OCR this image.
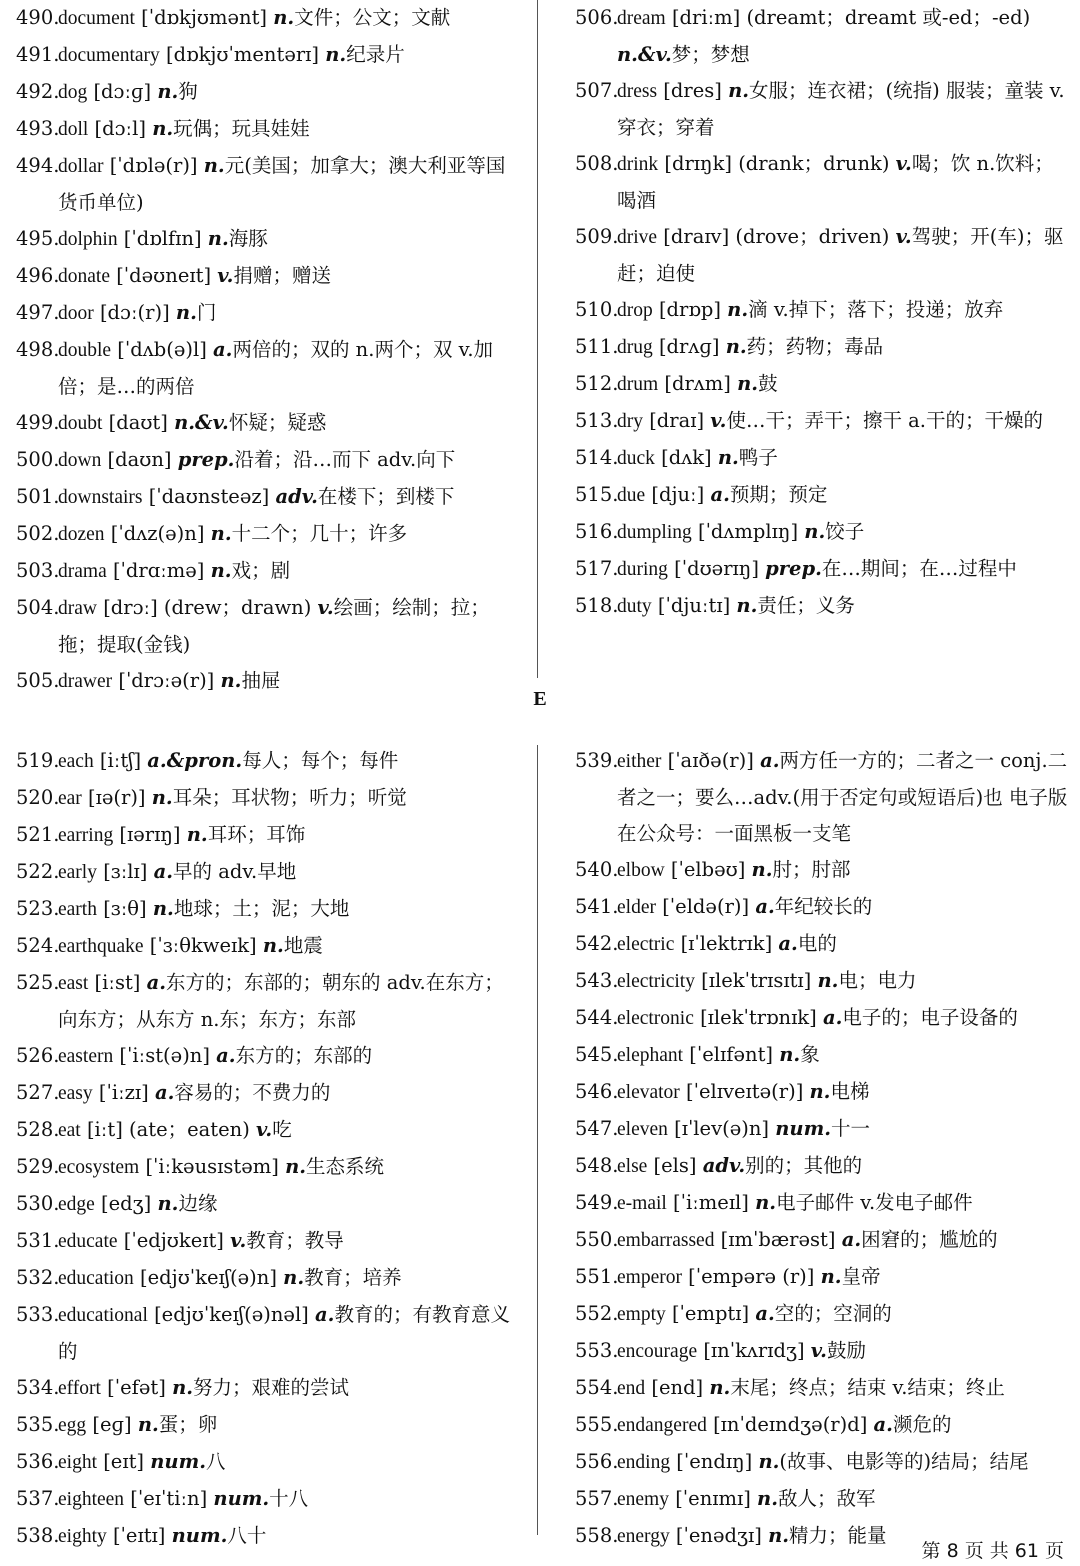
490.document [ˈdɒkjʊmənt] n.文件；公文；文献
491.documentary [dɒkjʊˈmentərɪ] n.纪录片
492.dog [dɔːɡ] n.狗
493.doll [dɔːl] n.玩偶；玩具娃娃
494.dollar [ˈdɒlə(r)] n.元(美国；加拿大；澳大利亚等国货币单位)
495.dolphin [ˈdɒlfɪn] n.海豚
496.donate [ˈdəʊneɪt] v.捐赠；赠送
497.door [dɔː(r)] n.门
498.double [ˈdʌb(ə)l] a.两倍的；双的 n.两个；双 v.加倍；是…的两倍
499.doubt [daʊt] n.&v.怀疑；疑惑
500.down [daʊn] prep.沿着；沿…而下 adv.向下
501.downstairs [ˈdaʊnsteəz] adv.在楼下；到楼下
502.dozen [ˈdʌz(ə)n] n.十二个；几十；许多
503.drama [ˈdrɑːmə] n.戏；剧
504.draw [drɔː] (drew；drawn) v.绘画；绘制；拉；拖；提取(金钱)
505.drawer [ˈdrɔːə(r)] n.抽屉
506.dream [driːm] (dreamt；dreamt 或-ed；-ed) n.&v.梦；梦想
507.dress [dres] n.女服；连衣裙；(统指) 服装；童装 v.穿衣；穿着
508.drink [drɪŋk] (drank；drunk) v.喝；饮 n.饮料；喝酒
509.drive [draɪv] (drove；driven) v.驾驶；开(车)；驱赶；迫使
510.drop [drɒp] n.滴 v.掉下；落下；投递；放弃
511.drug [drʌɡ] n.药；药物；毒品
512.drum [drʌm] n.鼓
513.dry [draɪ] v.使…干；弄干；擦干 a.干的；干燥的
514.duck [dʌk] n.鸭子
515.due [djuː] a.预期；预定
516.dumpling [ˈdʌmplɪŋ] n.饺子
517.during [ˈdʊərɪŋ] prep.在…期间；在…过程中
518.duty [ˈdjuːtɪ] n.责任；义务
E
519.each [iːtʃ] a.&pron.每人；每个；每件
520.ear [ɪə(r)] n.耳朵；耳状物；听力；听觉
521.earring [ɪərɪŋ] n.耳环；耳饰
522.early [ɜːlɪ] a.早的 adv.早地
523.earth [ɜːθ] n.地球；土；泥；大地
524.earthquake [ˈɜːθkweɪk] n.地震
525.east [iːst] a.东方的；东部的；朝东的 adv.在东方；向东方；从东方 n.东；东方；东部
526.eastern [ˈiːst(ə)n] a.东方的；东部的
527.easy [ˈiːzɪ] a.容易的；不费力的
528.eat [iːt] (ate；eaten) v.吃
529.ecosystem [ˈiːkəusɪstəm] n.生态系统
530.edge [edʒ] n.边缘
531.educate [ˈedjʊkeɪt] v.教育；教导
532.education [edjʊˈkeɪʃ(ə)n] n.教育；培养
533.educational [edjʊˈkeɪʃ(ə)nəl] a.教育的；有教育意义的
534.effort [ˈefət] n.努力；艰难的尝试
535.egg [eɡ] n.蛋；卵
536.eight [eɪt] num.八
537.eighteen [ˈeɪˈtiːn] num.十八
538.eighty [ˈeɪtɪ] num.八十
539.either [ˈaɪðə(r)] a.两方任一方的；二者之一 conj.二者之一；要么…adv.(用于否定句或短语后)也 电子版在公众号：一面黑板一支笔
540.elbow [ˈelbəʊ] n.肘；肘部
541.elder [ˈeldə(r)] a.年纪较长的
542.electric [ɪˈlektrɪk] a.电的
543.electricity [ɪlekˈtrɪsɪtɪ] n.电；电力
544.electronic [ɪlekˈtrɒnɪk] a.电子的；电子设备的
545.elephant [ˈelɪfənt] n.象
546.elevator [ˈelɪveɪtə(r)] n.电梯
547.eleven [ɪˈlev(ə)n] num.十一
548.else [els] adv.别的；其他的
549.e-mail [ˈiːmeɪl] n.电子邮件 v.发电子邮件
550.embarrassed [ɪmˈbærəst] a.困窘的；尴尬的
551.emperor [ˈempərə (r)] n.皇帝
552.empty [ˈemptɪ] a.空的；空洞的
553.encourage [ɪnˈkʌrɪdʒ] v.鼓励
554.end [end] n.末尾；终点；结束 v.结束；终止
555.endangered [ɪnˈdeɪndʒə(r)d] a.濒危的
556.ending [ˈendɪŋ] n.(故事、电影等的)结局；结尾
557.enemy [ˈenɪmɪ] n.敌人；敌军
558.energy [ˈenədʒɪ] n.精力；能量
第 8 页 共 61 页
